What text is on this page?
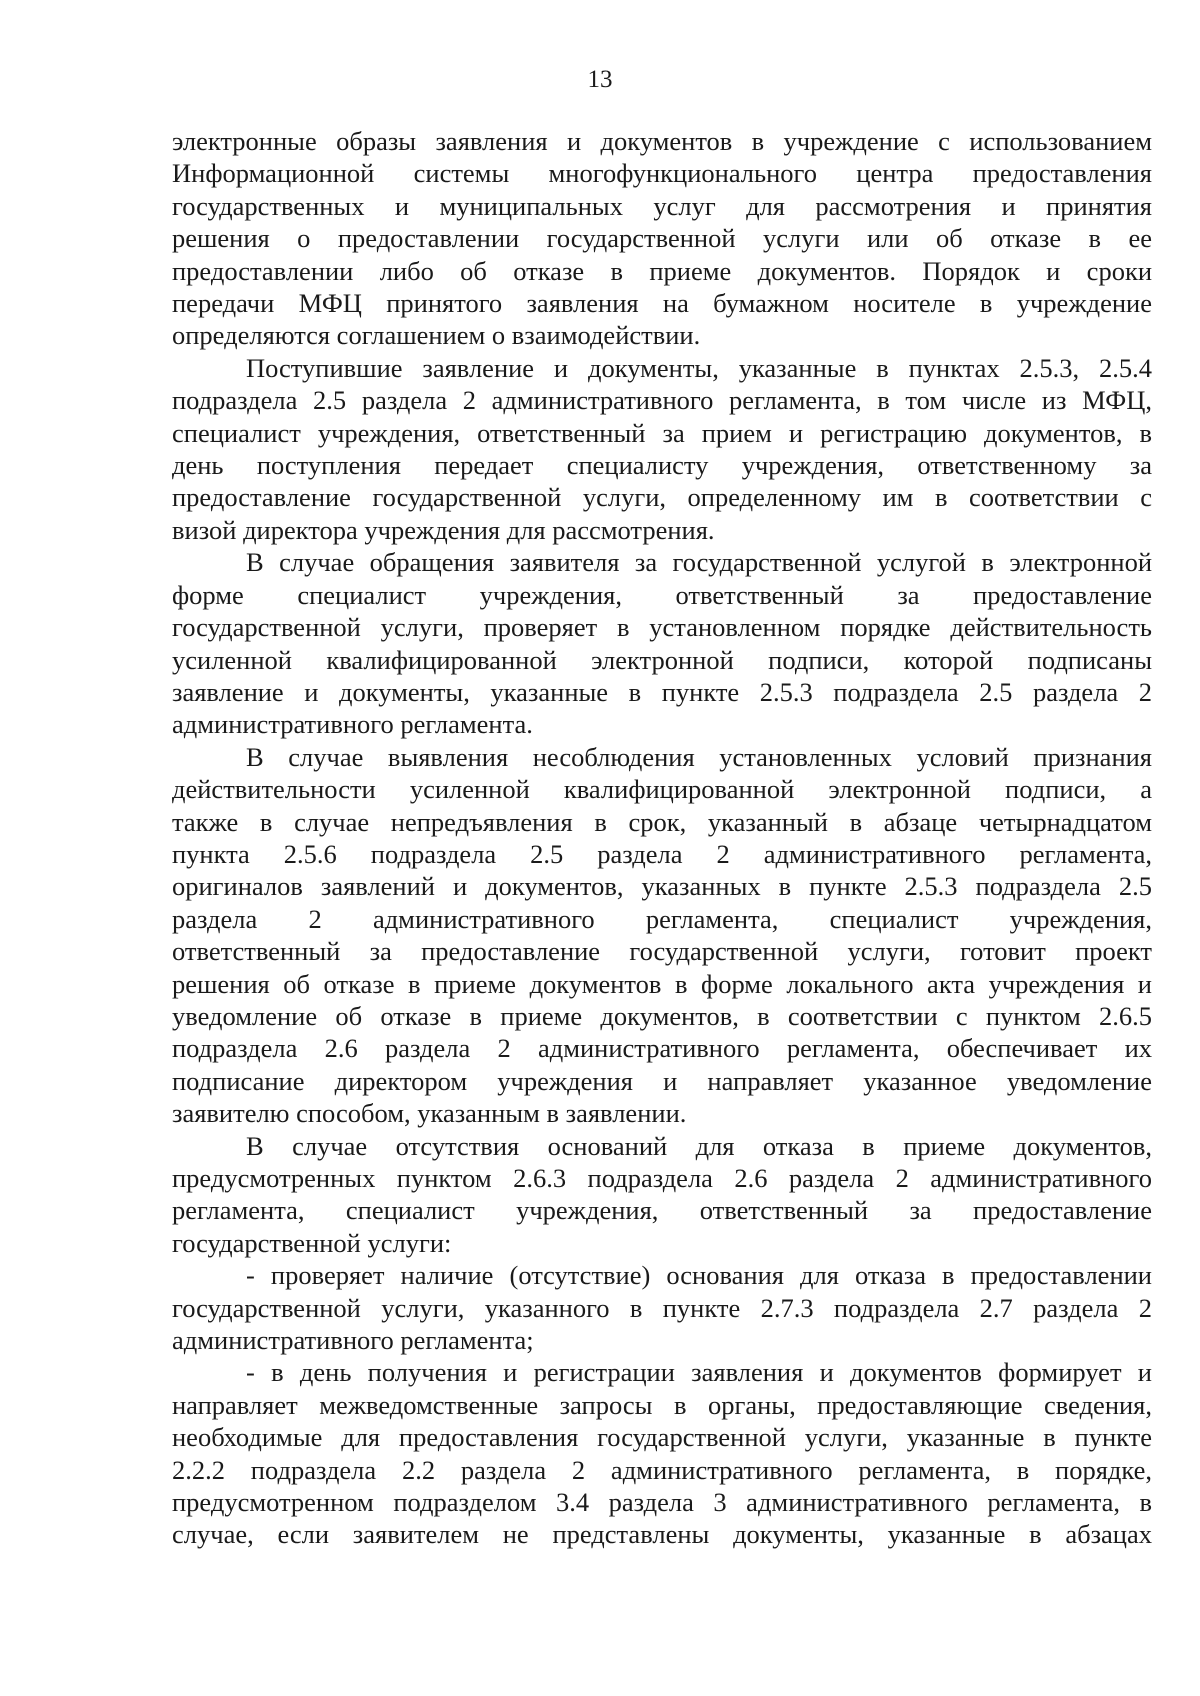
13
электронные образы заявления и документов в учреждение с использованием
Информационной системы многофункционального центра предоставления
государственных и муниципальных услуг для рассмотрения и принятия
решения о предоставлении государственной услуги или об отказе в ее
предоставлении либо об отказе в приеме документов. Порядок и сроки
передачи МФЦ принятого заявления на бумажном носителе в учреждение
определяются соглашением о взаимодействии.
Поступившие заявление и документы, указанные в пунктах 2.5.3, 2.5.4
подраздела 2.5 раздела 2 административного регламента, в том числе из МФЦ,
специалист учреждения, ответственный за прием и регистрацию документов, в
день поступления передает специалисту учреждения, ответственному за
предоставление государственной услуги, определенному им в соответствии с
визой директора учреждения для рассмотрения.
В случае обращения заявителя за государственной услугой в электронной
форме специалист учреждения, ответственный за предоставление
государственной услуги, проверяет в установленном порядке действительность
усиленной квалифицированной электронной подписи, которой подписаны
заявление и документы, указанные в пункте 2.5.3 подраздела 2.5 раздела 2
административного регламента.
В случае выявления несоблюдения установленных условий признания
действительности усиленной квалифицированной электронной подписи, а
также в случае непредъявления в срок, указанный в абзаце четырнадцатом
пункта 2.5.6 подраздела 2.5 раздела 2 административного регламента,
оригиналов заявлений и документов, указанных в пункте 2.5.3 подраздела 2.5
раздела 2 административного регламента, специалист учреждения,
ответственный за предоставление государственной услуги, готовит проект
решения об отказе в приеме документов в форме локального акта учреждения и
уведомление об отказе в приеме документов, в соответствии с пунктом 2.6.5
подраздела 2.6 раздела 2 административного регламента, обеспечивает их
подписание директором учреждения и направляет указанное уведомление
заявителю способом, указанным в заявлении.
В случае отсутствия оснований для отказа в приеме документов,
предусмотренных пунктом 2.6.3 подраздела 2.6 раздела 2 административного
регламента, специалист учреждения, ответственный за предоставление
государственной услуги:
- проверяет наличие (отсутствие) основания для отказа в предоставлении
государственной услуги, указанного в пункте 2.7.3 подраздела 2.7 раздела 2
административного регламента;
- в день получения и регистрации заявления и документов формирует и
направляет межведомственные запросы в органы, предоставляющие сведения,
необходимые для предоставления государственной услуги, указанные в пункте
2.2.2 подраздела 2.2 раздела 2 административного регламента, в порядке,
предусмотренном подразделом 3.4 раздела 3 административного регламента, в
случае, если заявителем не представлены документы, указанные в абзацах
